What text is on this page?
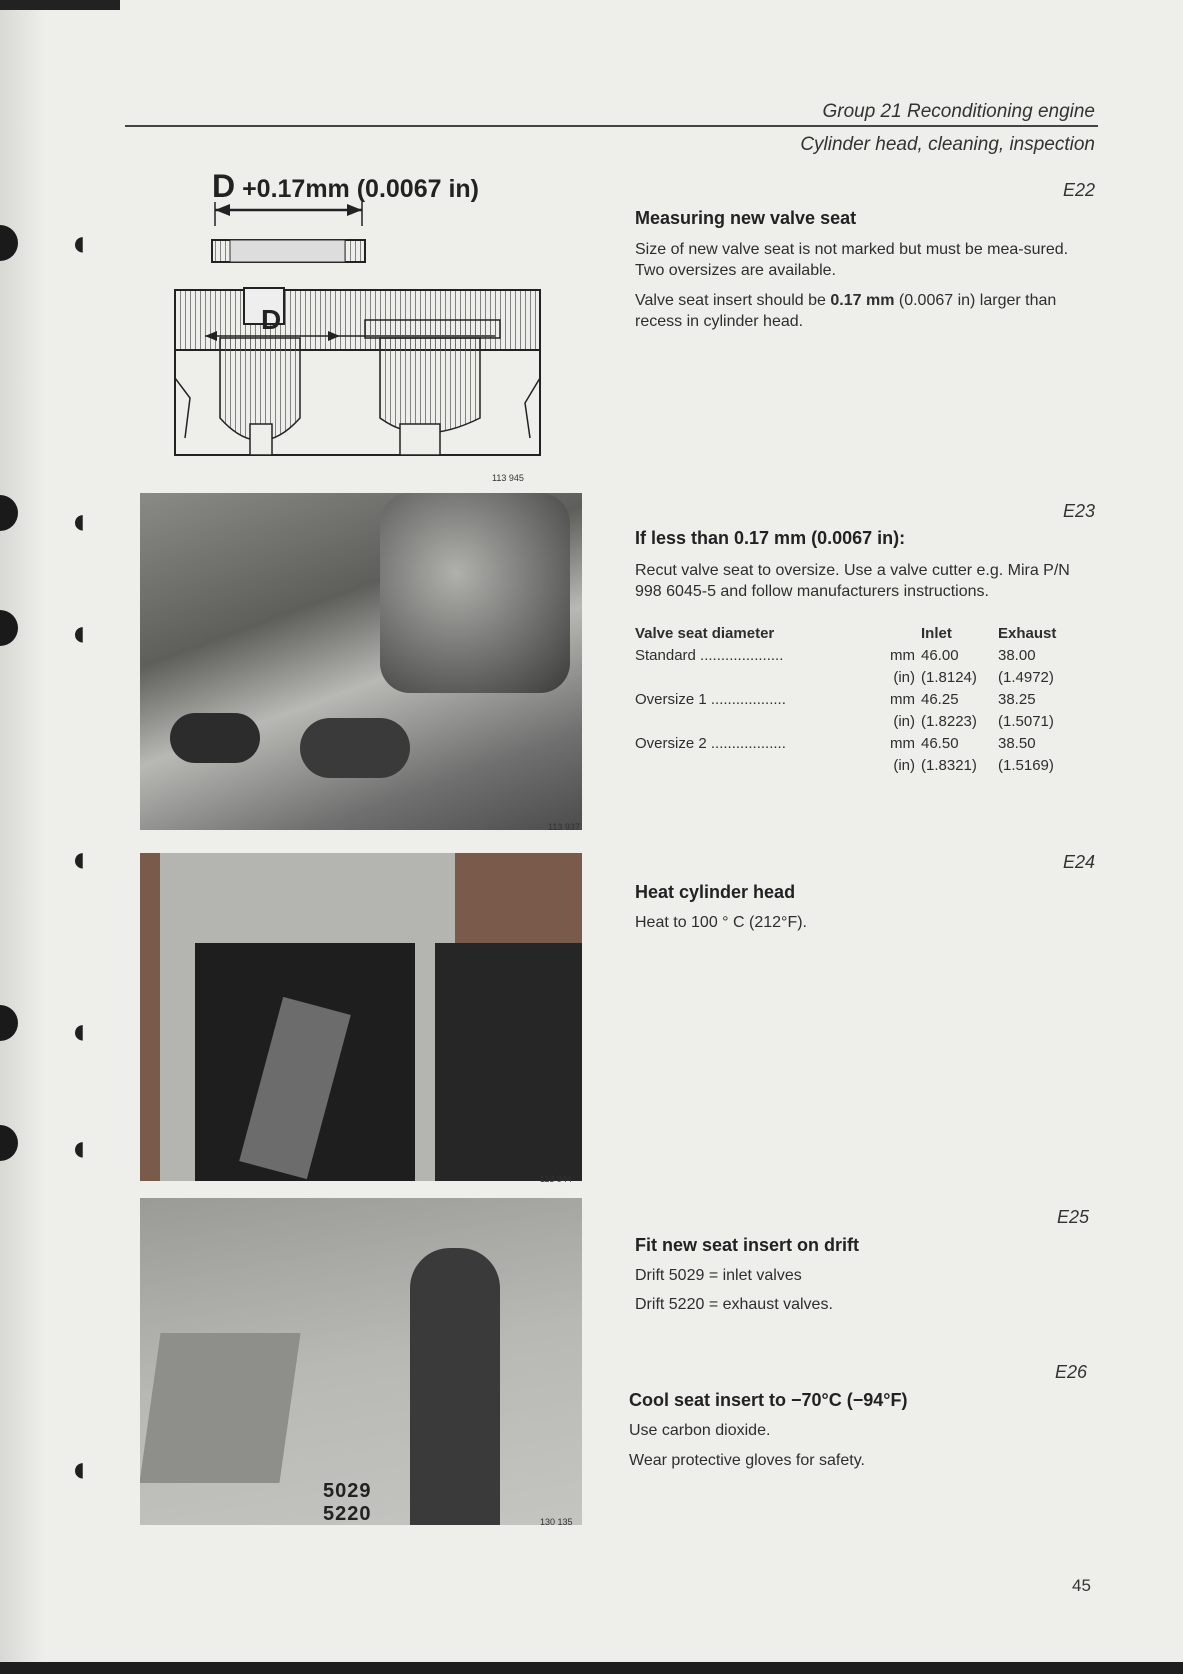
◖
◖
◖
◖
◖
◖
◖
Group 21 Reconditioning engine
Cylinder head, cleaning, inspection
D +0.17mm (0.0067 in)
D
113 945
113 937
113 944
5029
5220	130 135
E22
Measuring new valve seat

Size of new valve seat is not marked but must be mea-sured. Two oversizes are available.

Valve seat insert should be 0.17 mm (0.0067 in) larger than recess in cylinder head.

E23
If less than 0.17 mm (0.0067 in):

Recut valve seat to oversize. Use a valve cutter e.g. Mira P/N 998 6045-5 and follow manufacturers instructions.

Valve seat diameter		Inlet	Exhaust
Standard ....................	mm	46.00	38.00
	(in)	(1.8124)	(1.4972)
Oversize 1 ..................	mm	46.25	38.25
	(in)	(1.8223)	(1.5071)
Oversize 2 ..................	mm	46.50	38.50
	(in)	(1.8321)	(1.5169)
E24
Heat cylinder head

Heat to 100 ° C (212°F).

E25
Fit new seat insert on drift

Drift 5029 = inlet valves

Drift 5220 = exhaust valves.

E26
Cool seat insert to −70°C (−94°F)

Use carbon dioxide.

Wear protective gloves for safety.

45
